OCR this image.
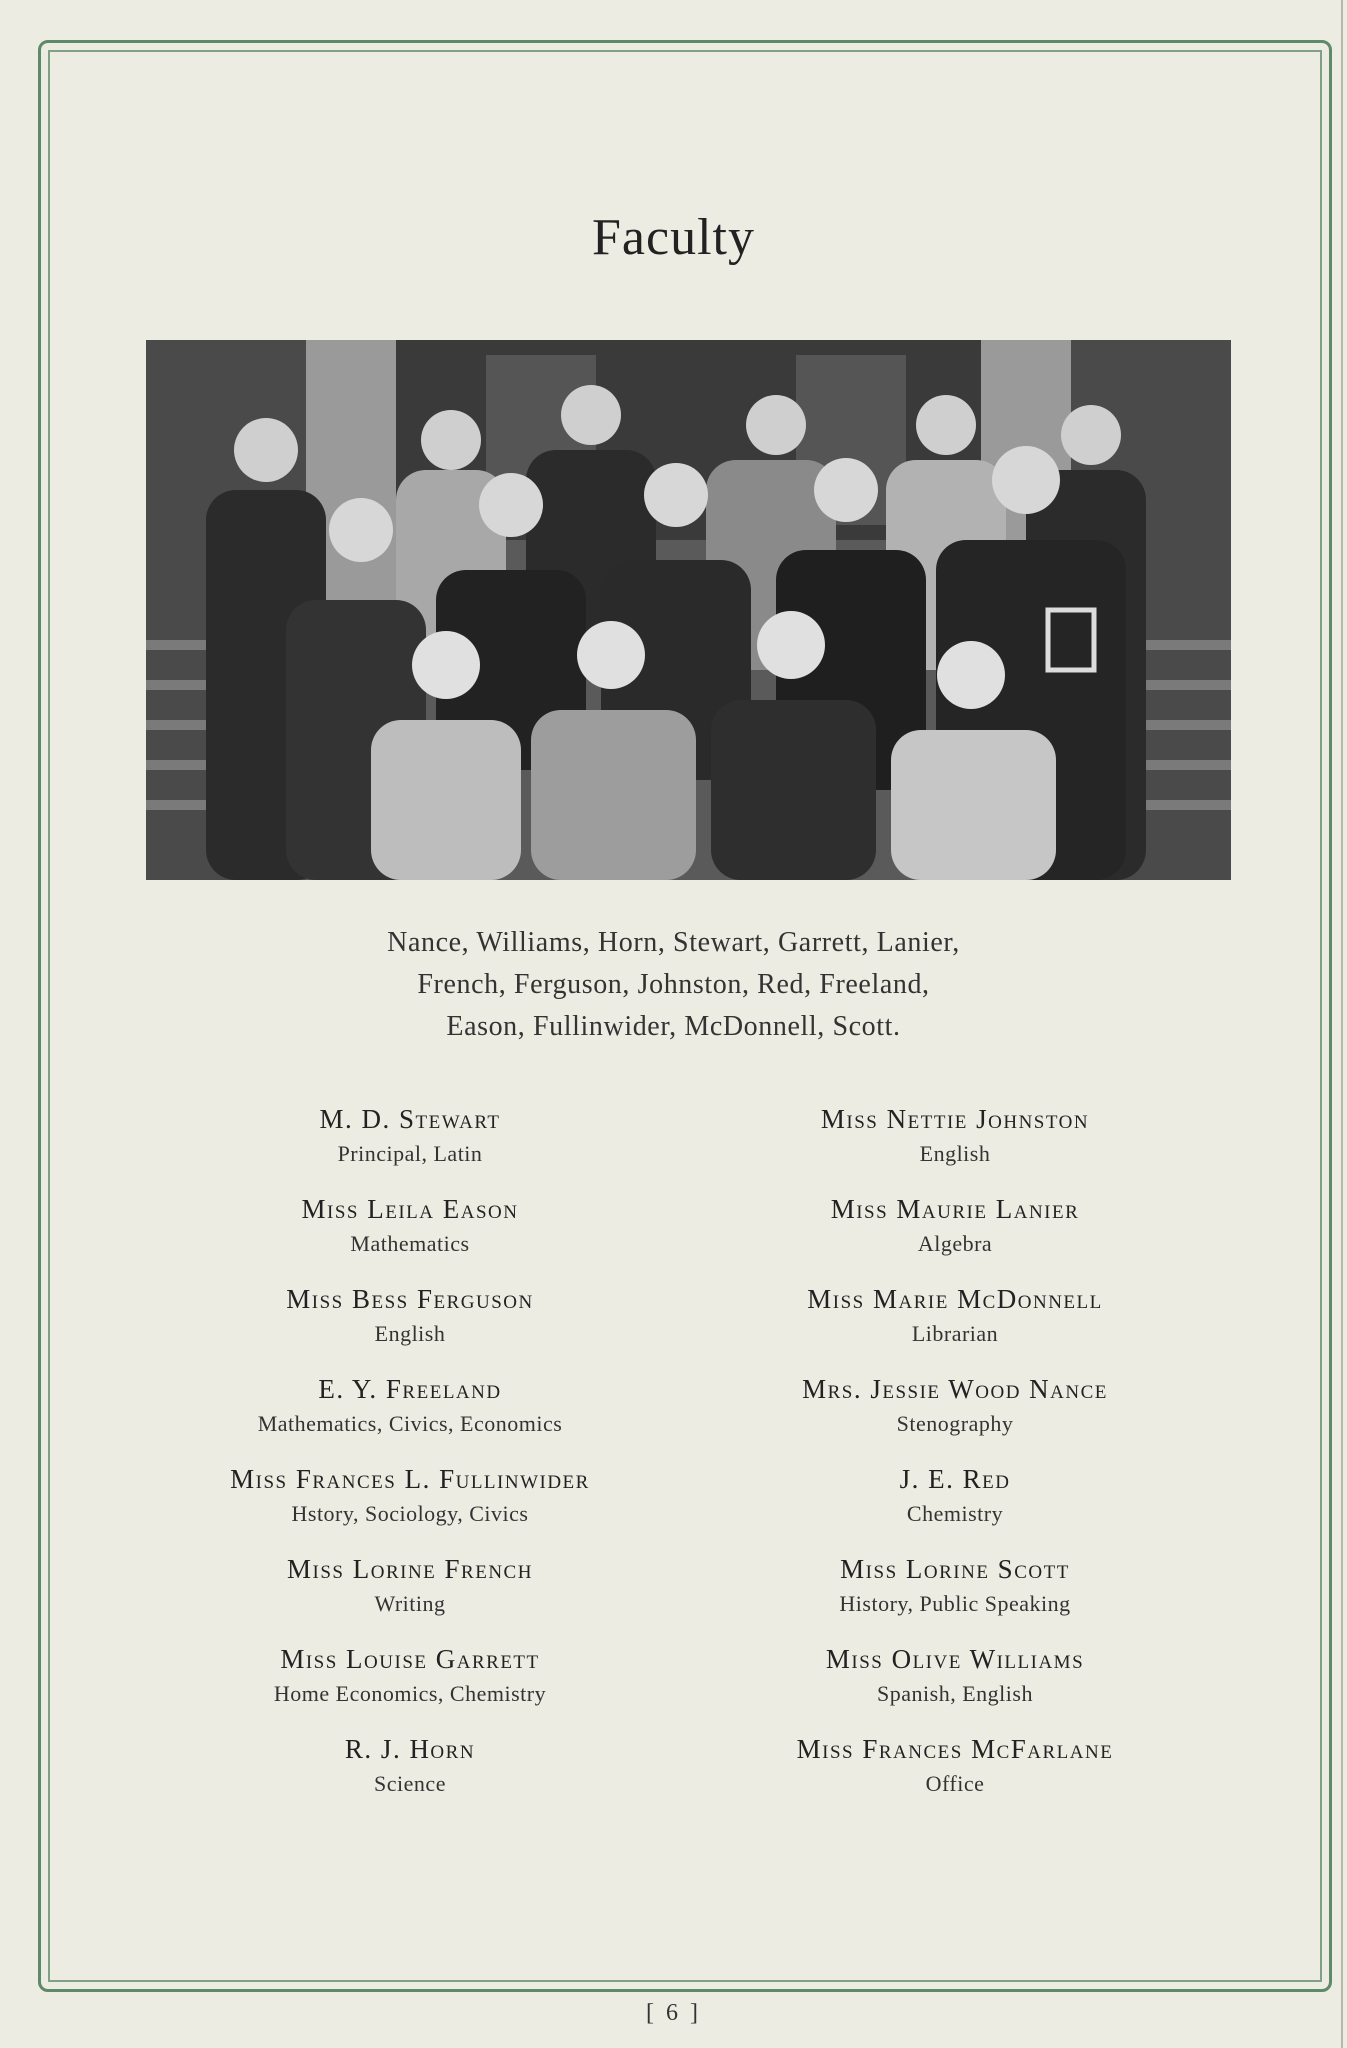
Faculty
Nance, Williams, Horn, Stewart, Garrett, Lanier,
French, Ferguson, Johnston, Red, Freeland,
Eason, Fullinwider, McDonnell, Scott.
M. D. Stewart
Principal, Latin
Miss Leila Eason
Mathematics
Miss Bess Ferguson
English
E. Y. Freeland
Mathematics, Civics, Economics
Miss Frances L. Fullinwider
Hstory, Sociology, Civics
Miss Lorine French
Writing
Miss Louise Garrett
Home Economics, Chemistry
R. J. Horn
Science
Miss Nettie Johnston
English
Miss Maurie Lanier
Algebra
Miss Marie McDonnell
Librarian
Mrs. Jessie Wood Nance
Stenography
J. E. Red
Chemistry
Miss Lorine Scott
History, Public Speaking
Miss Olive Williams
Spanish, English
Miss Frances McFarlane
Office
[ 6 ]
